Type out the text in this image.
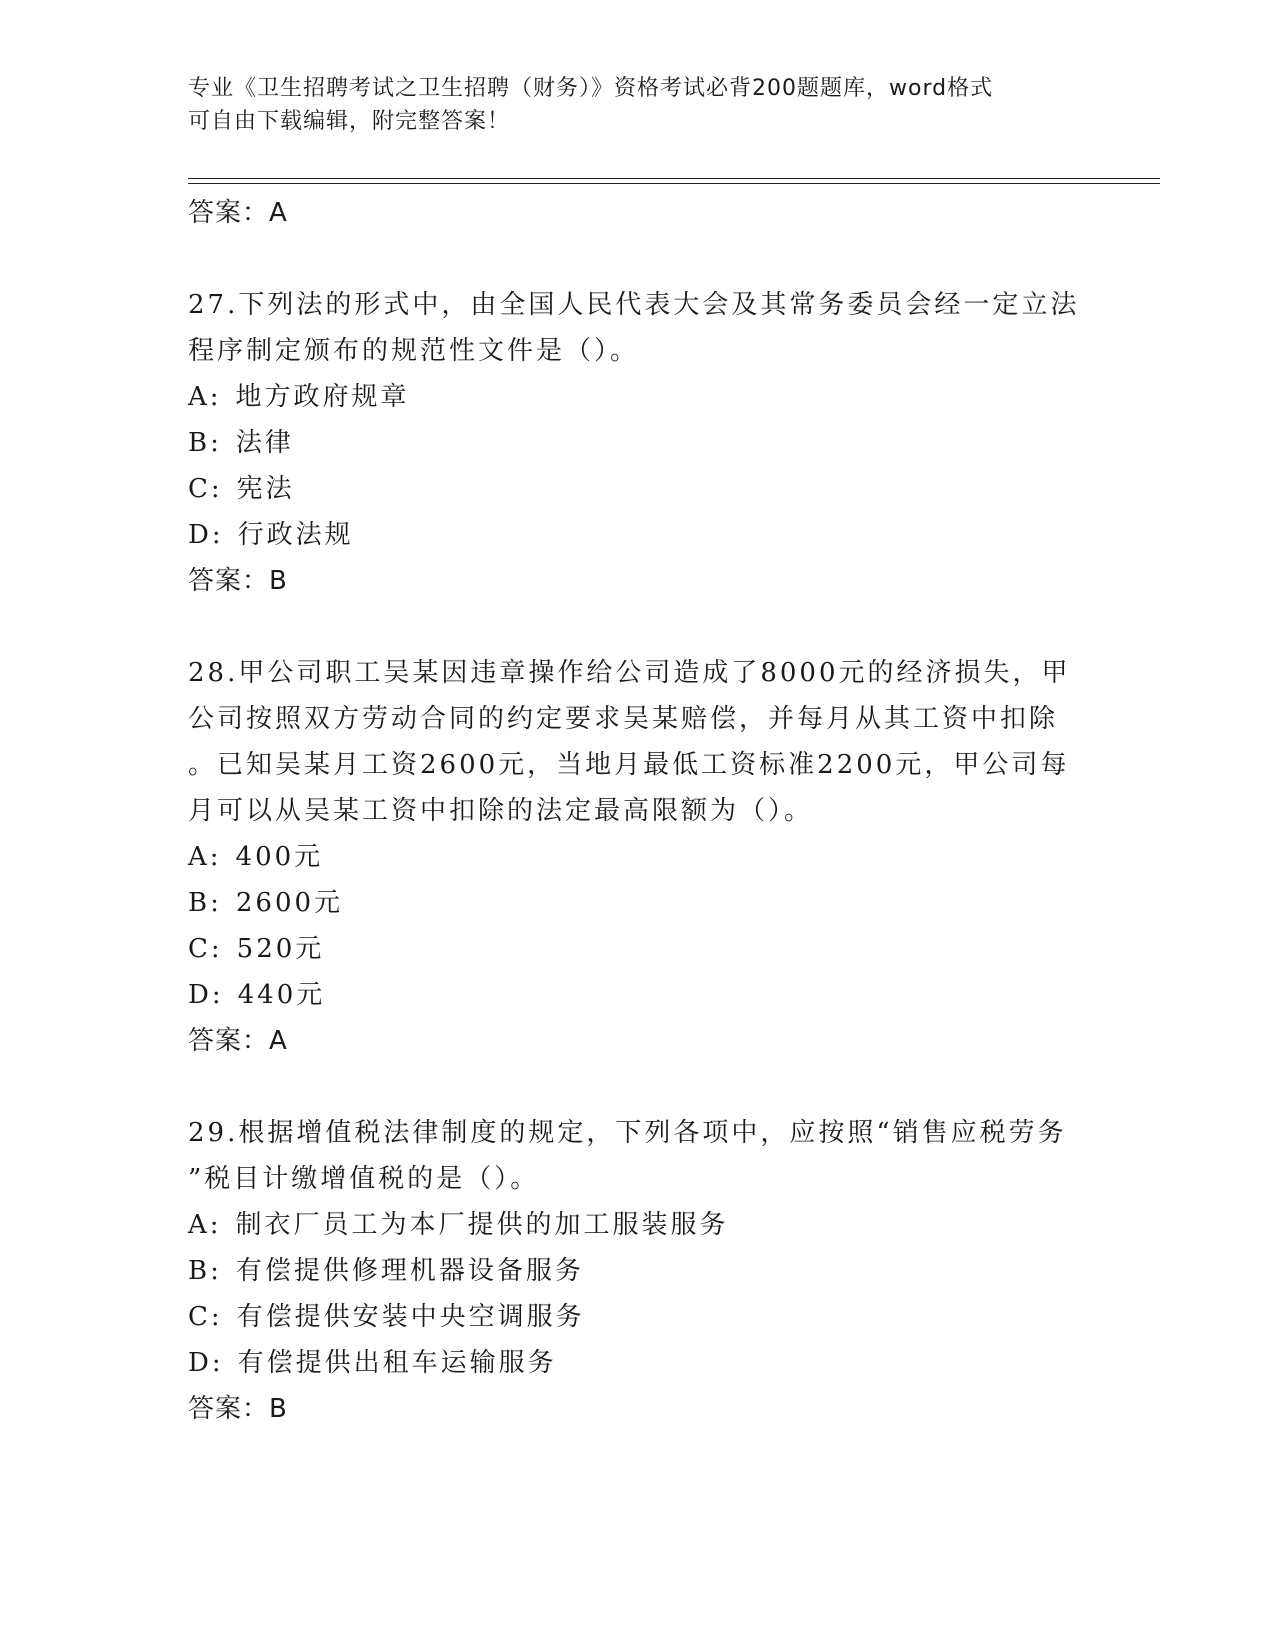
专业《卫生招聘考试之卫生招聘（财务）》资格考试必背200题题库，word格式
可自由下载编辑，附完整答案！
答案：A
27.下列法的形式中，由全国人民代表大会及其常务委员会经一定立法
程序制定颁布的规范性文件是（）。
A: 地方政府规章
B: 法律
C: 宪法
D: 行政法规
答案：B
28.甲公司职工吴某因违章操作给公司造成了8000元的经济损失，甲
公司按照双方劳动合同的约定要求吴某赔偿，并每月从其工资中扣除
。已知吴某月工资2600元，当地月最低工资标准2200元，甲公司每
月可以从吴某工资中扣除的法定最高限额为（）。
A: 400元
B: 2600元
C: 520元
D: 440元
答案：A
29.根据增值税法律制度的规定，下列各项中，应按照“销售应税劳务
”税目计缴增值税的是（）。
A: 制衣厂员工为本厂提供的加工服装服务
B: 有偿提供修理机器设备服务
C: 有偿提供安装中央空调服务
D: 有偿提供出租车运输服务
答案：B
